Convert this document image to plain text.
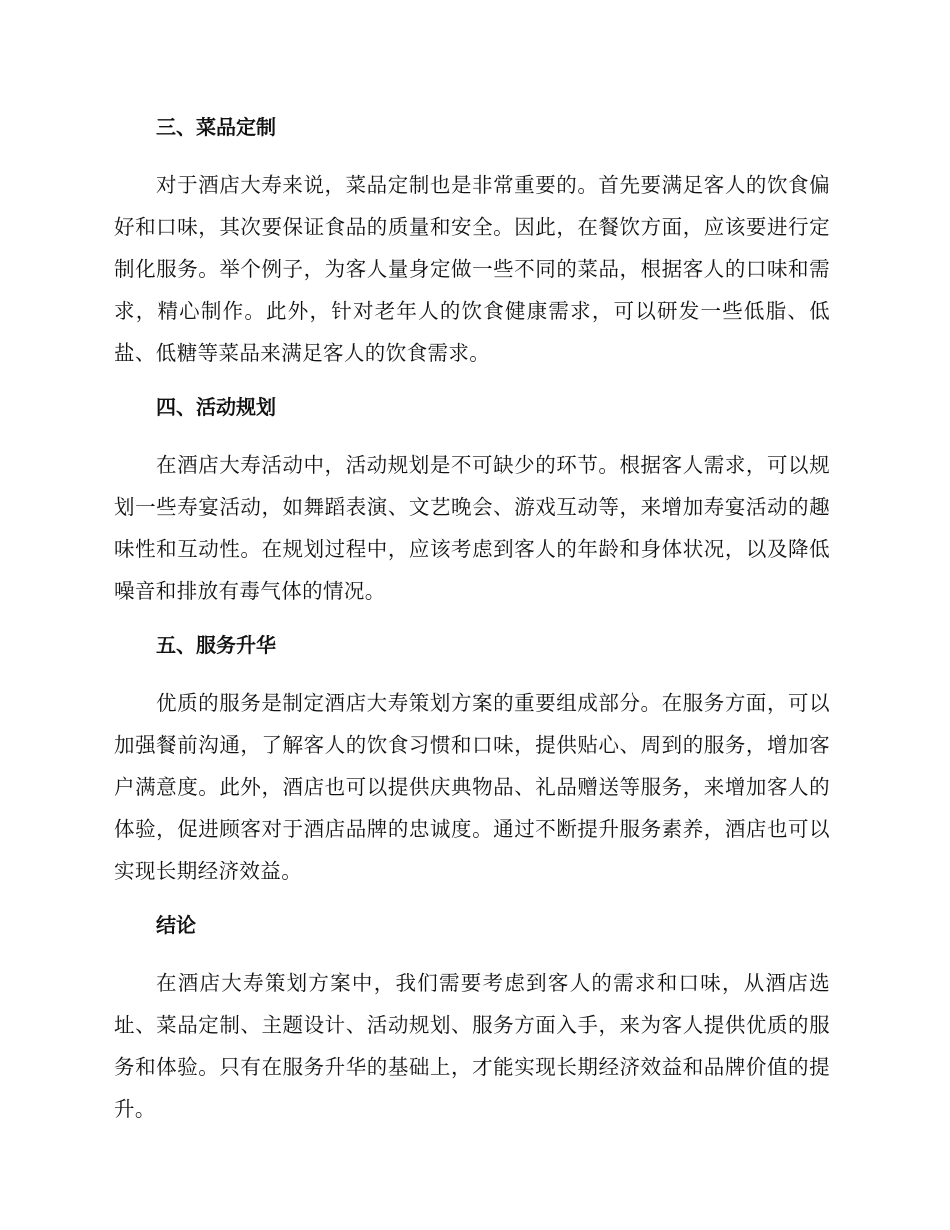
三、菜品定制

对于酒店大寿来说，菜品定制也是非常重要的。首先要满足客人的饮食偏好和口味，其次要保证食品的质量和安全。因此，在餐饮方面，应该要进行定制化服务。举个例子，为客人量身定做一些不同的菜品，根据客人的口味和需求，精心制作。此外，针对老年人的饮食健康需求，可以研发一些低脂、低盐、低糖等菜品来满足客人的饮食需求。

四、活动规划

在酒店大寿活动中，活动规划是不可缺少的环节。根据客人需求，可以规划一些寿宴活动，如舞蹈表演、文艺晚会、游戏互动等，来增加寿宴活动的趣味性和互动性。在规划过程中，应该考虑到客人的年龄和身体状况，以及降低噪音和排放有毒气体的情况。

五、服务升华

优质的服务是制定酒店大寿策划方案的重要组成部分。在服务方面，可以加强餐前沟通，了解客人的饮食习惯和口味，提供贴心、周到的服务，增加客户满意度。此外，酒店也可以提供庆典物品、礼品赠送等服务，来增加客人的体验，促进顾客对于酒店品牌的忠诚度。通过不断提升服务素养，酒店也可以实现长期经济效益。

结论

在酒店大寿策划方案中，我们需要考虑到客人的需求和口味，从酒店选址、菜品定制、主题设计、活动规划、服务方面入手，来为客人提供优质的服务和体验。只有在服务升华的基础上，才能实现长期经济效益和品牌价值的提升。
